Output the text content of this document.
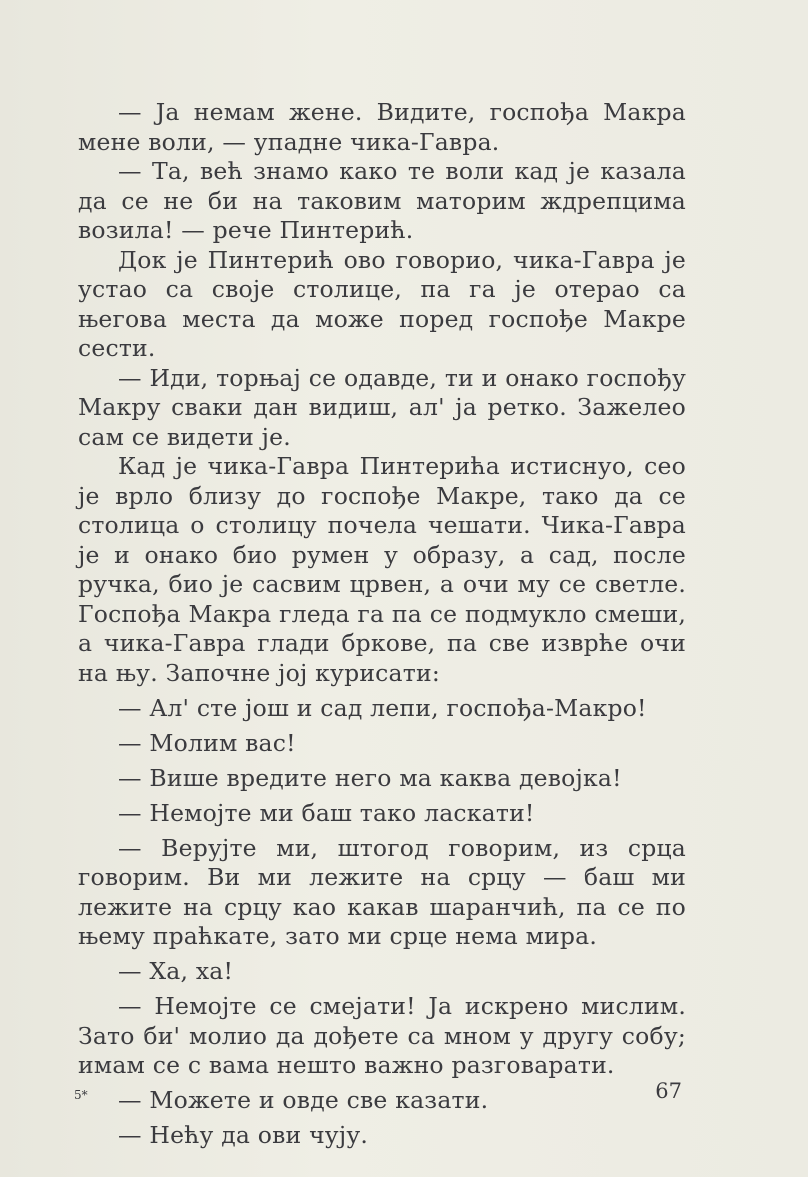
— Ја немам жене. Видите, госпођа Макра мене воли, — упадне чика-Гавра.

— Та, већ знамо како те воли кад је казала да се не би на таковим маторим ждрепцима возила! — рече Пинтерић.

Док је Пинтерић ово говорио, чика-Гавра је устао са своје столице, па га је отерао са његова места да може поред госпође Макре сести.

— Иди, торњај се одавде, ти и онако госпођу Макру сваки дан видиш, ал' ја ретко. Зажелео сам се видети је.

Кад је чика-Гавра Пинтерића истиснуо, сео је врло близу до госпође Макре, тако да се столица о столицу почела чешати. Чика-Гавра је и онако био румен у образу, а сад, после ручка, био је сасвим црвен, а очи му се светле. Госпођа Макра гледа га па се подмукло смеши, а чика-Гавра глади бркове, па све изврће очи на њу. Започне јој курисати:

— Ал' сте још и сад лепи, госпођа-Макро!

— Молим вас!

— Више вредите него ма каква девојка!

— Немојте ми баш тако ласкати!

— Верујте ми, штогод говорим, из срца говорим. Ви ми лежите на срцу — баш ми лежите на срцу као какав шаранчић, па се по њему праћкате, зато ми срце нема мира.

— Ха, ха!

— Немојте се смејати! Ја искрено мислим. Зато би' молио да дођете са мном у другу собу; имам се с вама нешто важно разговарати.

— Можете и овде све казати.

— Нећу да ови чују.

5*	67
